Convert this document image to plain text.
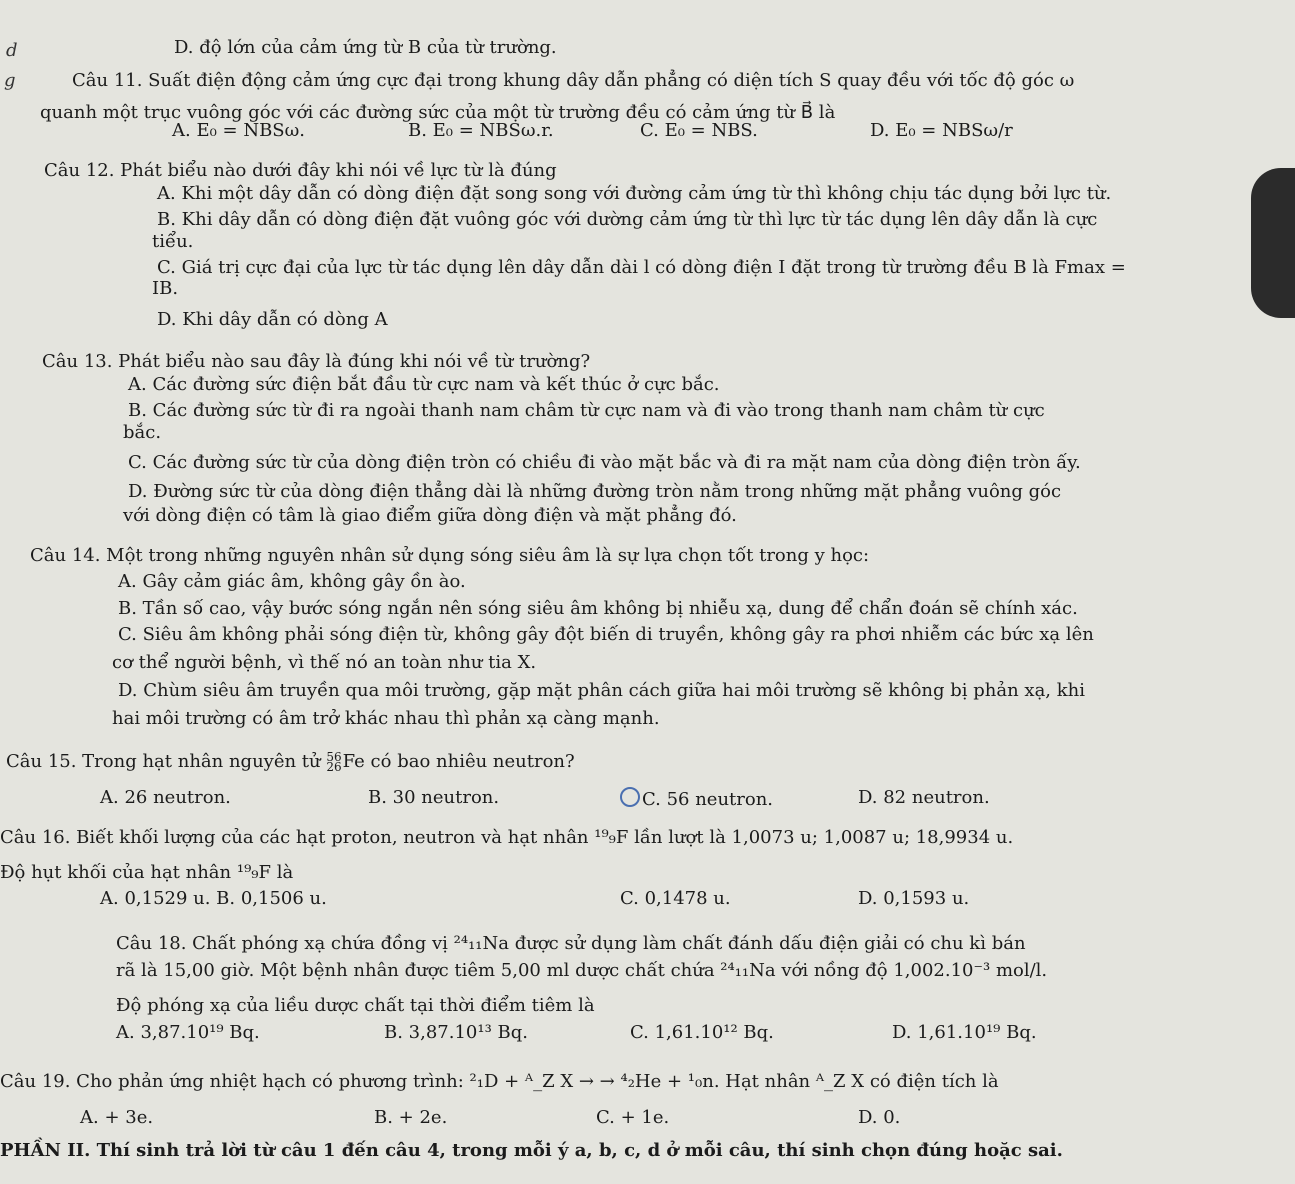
d
g
D. độ lớn của cảm ứng từ B của từ trường.
Câu 11. Suất điện động cảm ứng cực đại trong khung dây dẫn phẳng có diện tích S quay đều với tốc độ góc ω
quanh một trục vuông góc với các đường sức của một từ trường đều có cảm ứng từ B⃗ là
A. E₀ = NBSω.	B. E₀ = NBSω.r.	C. E₀ = NBS.	D. E₀ = NBSω/r
Câu 12. Phát biểu nào dưới đây khi nói về lực từ là đúng
A. Khi một dây dẫn có dòng điện đặt song song với đường cảm ứng từ thì không chịu tác dụng bởi lực từ.
B. Khi dây dẫn có dòng điện đặt vuông góc với dường cảm ứng từ thì lực từ tác dụng lên dây dẫn là cực
tiểu.
C. Giá trị cực đại của lực từ tác dụng lên dây dẫn dài l có dòng điện I đặt trong từ trường đều B là Fmax =
IB.
D. Khi dây dẫn có dòng A
Câu 13. Phát biểu nào sau đây là đúng khi nói về từ trường?
A. Các đường sức điện bắt đầu từ cực nam và kết thúc ở cực bắc.
B. Các đường sức từ đi ra ngoài thanh nam châm từ cực nam và đi vào trong thanh nam châm từ cực
bắc.
C. Các đường sức từ của dòng điện tròn có chiều đi vào mặt bắc và đi ra mặt nam của dòng điện tròn ấy.
D. Đường sức từ của dòng điện thẳng dài là những đường tròn nằm trong những mặt phẳng vuông góc
với dòng điện có tâm là giao điểm giữa dòng điện và mặt phẳng đó.
Câu 14. Một trong những nguyên nhân sử dụng sóng siêu âm là sự lựa chọn tốt trong y học:
A. Gây cảm giác âm, không gây ồn ào.
B. Tần số cao, vậy bước sóng ngắn nên sóng siêu âm không bị nhiễu xạ, dung để chẩn đoán sẽ chính xác.
C. Siêu âm không phải sóng điện từ, không gây đột biến di truyền, không gây ra phơi nhiễm các bức xạ lên
cơ thể người bệnh, vì thế nó an toàn như tia X.
D. Chùm siêu âm truyền qua môi trường, gặp mặt phân cách giữa hai môi trường sẽ không bị phản xạ, khi
hai môi trường có âm trở khác nhau thì phản xạ càng mạnh.
Câu 15. Trong hạt nhân nguyên tử 56
26 Fe có bao nhiêu neutron?
A. 26 neutron.	B. 30 neutron.	C. 56 neutron.	D. 82 neutron.
Câu 16. Biết khối lượng của các hạt proton, neutron và hạt nhân ¹⁹₉F lần lượt là 1,0073 u; 1,0087 u; 18,9934 u.
Độ hụt khối của hạt nhân ¹⁹₉F là
A. 0,1529 u. B. 0,1506 u.	C. 0,1478 u.	D. 0,1593 u.
Câu 18. Chất phóng xạ chứa đồng vị ²⁴₁₁Na được sử dụng làm chất đánh dấu điện giải có chu kì bán
rã là 15,00 giờ. Một bệnh nhân được tiêm 5,00 ml dược chất chứa ²⁴₁₁Na với nồng độ 1,002.10⁻³ mol/l.
Độ phóng xạ của liều dược chất tại thời điểm tiêm là
A. 3,87.10¹⁹ Bq.	B. 3,87.10¹³ Bq.	C. 1,61.10¹² Bq.	D. 1,61.10¹⁹ Bq.
Câu 19. Cho phản ứng nhiệt hạch có phương trình: ²₁D + ᴬ_Z X → → ⁴₂He + ¹₀n. Hạt nhân ᴬ_Z X có điện tích là
A. + 3e.	B. + 2e.	C. + 1e.	D. 0.
PHẦN II. Thí sinh trả lời từ câu 1 đến câu 4, trong mỗi ý a, b, c, d ở mỗi câu, thí sinh chọn đúng hoặc sai.
